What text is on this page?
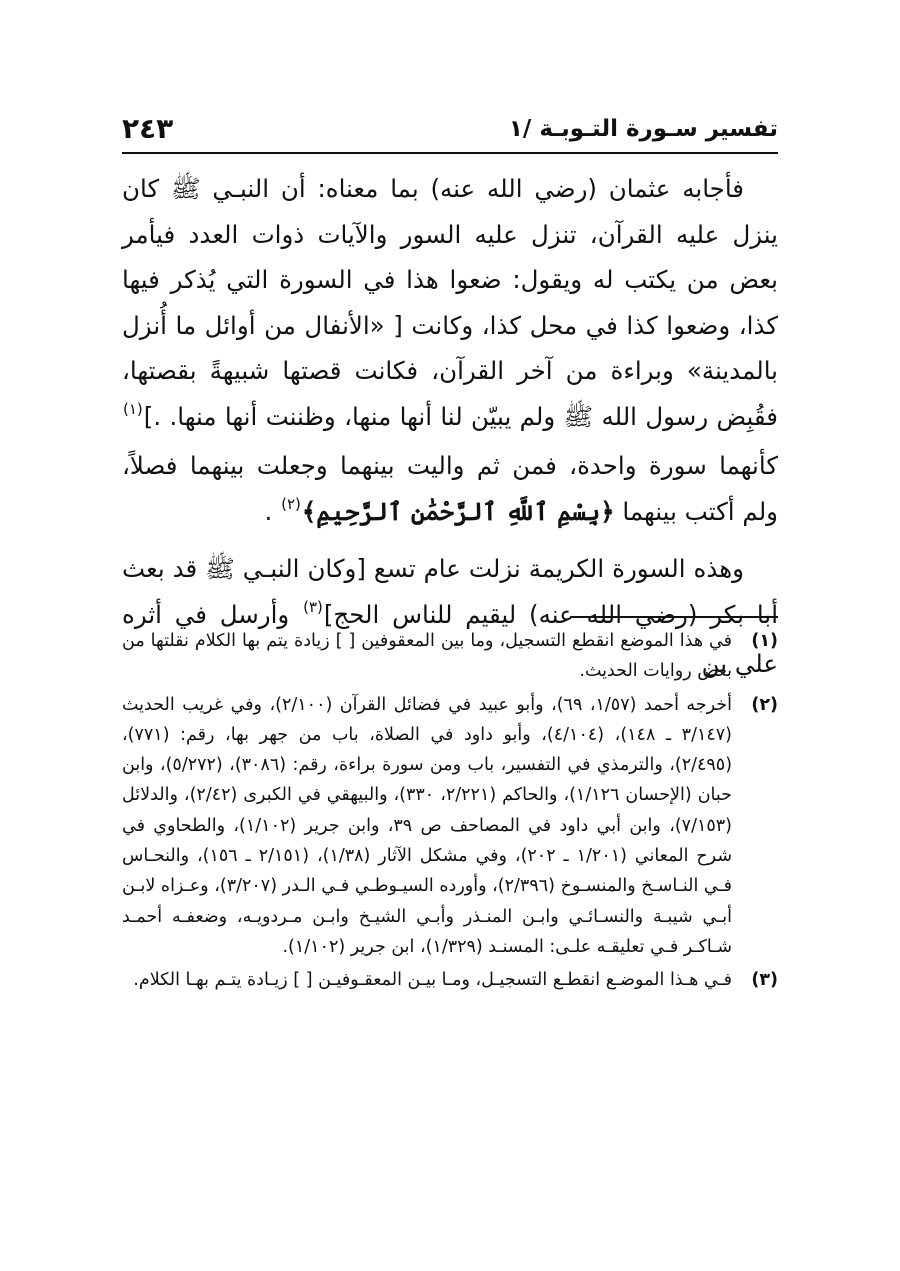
تفسير سـورة التـوبـة /١
٢٤٣

فأجابه عثمان (رضي الله عنه) بما معناه: أن النبـي ﷺ كان ينزل عليه القرآن، تنزل عليه السور والآيات ذوات العدد فيأمر بعض من يكتب له ويقول: ضعوا هذا في السورة التي يُذكر فيها كذا، وضعوا كذا في محل كذا، وكانت [ «الأنفال من أوائل ما أُنزل بالمدينة» وبراءة من آخر القرآن، فكانت قصتها شبيهةً بقصتها، فقُبِض رسول الله ﷺ ولم يبيّن لنا أنها منها، وظننت أنها منها. .]$^{(١)}$ كأنهما سورة واحدة، فمن ثم واليت بينهما وجعلت بينهما فصلاً، ولم أكتب بينهما ﴿بِسْمِ ٱللَّهِ ٱلرَّحْمَٰنِ ٱلرَّحِيمِ﴾$^{(٢)}$ .

وهذه السورة الكريمة نزلت عام تسع [وكان النبـي ﷺ قد بعث أبا بكر (رضي الله عنه) ليقيم للناس الحج]$^{(٣)}$ وأرسل في أثره علي بن

(١)
في هذا الموضع انقطع التسجيل، وما بين المعقوفين [ ] زيادة يتم بها الكلام نقلتها من بعض روايات الحديث.
(٢)
أخرجه أحمد (١/٥٧، ٦٩)، وأبو عبيد في فضائل القرآن (٢/١٠٠)، وفي غريب الحديث (٣/١٤٧ ـ ١٤٨)، (٤/١٠٤)، وأبو داود في الصلاة، باب من جهر بها، رقم: (٧٧١)، (٢/٤٩٥)، والترمذي في التفسير، باب ومن سورة براءة، رقم: (٣٠٨٦)، (٥/٢٧٢)، وابن حبان (الإحسان ١/١٢٦)، والحاكم (٢/٢٢١، ٣٣٠)، والبيهقي في الكبرى (٢/٤٢)، والدلائل (٧/١٥٣)، وابن أبي داود في المصاحف ص ٣٩، وابن جرير (١/١٠٢)، والطحاوي في شرح المعاني (١/٢٠١ ـ ٢٠٢)، وفي مشكل الآثار (١/٣٨)، (٢/١٥١ ـ ١٥٦)، والنحـاس فـي النـاسـخ والمنسـوخ (٢/٣٩٦)، وأورده السيـوطـي فـي الـدر (٣/٢٠٧)، وعـزاه لابـن أبـي شيبـة والنسـائـي وابـن المنـذر وأبـي الشيـخ وابـن مـردويـه، وضعفـه أحمـد شـاكـر فـي تعليقـه علـى: المسنـد (١/٣٢٩)، ابن جرير (١/١٠٢).
(٣)
فـي هـذا الموضـع انقطـع التسجيـل، ومـا بيـن المعقـوفيـن [ ] زيـادة يتـم بهـا الكلام.
